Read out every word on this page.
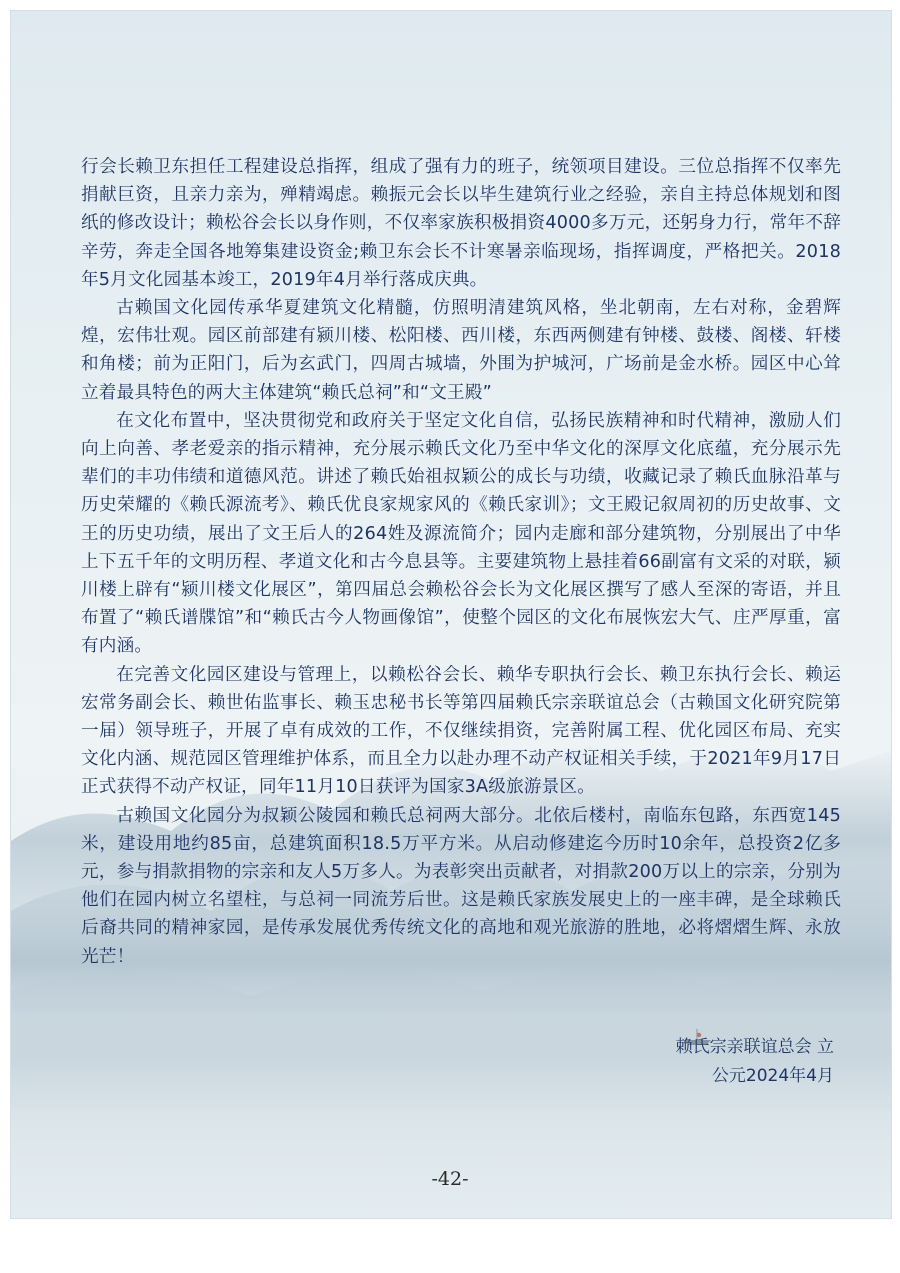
行会长赖卫东担任工程建设总指挥，组成了强有力的班子，统领项目建设。三位总指挥不仅率先捐献巨资，且亲力亲为，殚精竭虑。赖振元会长以毕生建筑行业之经验，亲自主持总体规划和图纸的修改设计；赖松谷会长以身作则，不仅率家族积极捐资4000多万元，还躬身力行，常年不辞辛劳，奔走全国各地筹集建设资金;赖卫东会长不计寒暑亲临现场，指挥调度，严格把关。2018年5月文化园基本竣工，2019年4月举行落成庆典。

古赖国文化园传承华夏建筑文化精髓，仿照明清建筑风格，坐北朝南，左右对称，金碧辉煌，宏伟壮观。园区前部建有颍川楼、松阳楼、西川楼，东西两侧建有钟楼、鼓楼、阁楼、轩楼和角楼；前为正阳门，后为玄武门，四周古城墙，外围为护城河，广场前是金水桥。园区中心耸立着最具特色的两大主体建筑“赖氏总祠”和“文王殿”

在文化布置中，坚决贯彻党和政府关于坚定文化自信，弘扬民族精神和时代精神，激励人们向上向善、孝老爱亲的指示精神，充分展示赖氏文化乃至中华文化的深厚文化底蕴，充分展示先辈们的丰功伟绩和道德风范。讲述了赖氏始祖叔颖公的成长与功绩，收藏记录了赖氏血脉沿革与历史荣耀的《赖氏源流考》、赖氏优良家规家风的《赖氏家训》；文王殿记叙周初的历史故事、文王的历史功绩，展出了文王后人的264姓及源流简介；园内走廊和部分建筑物，分别展出了中华上下五千年的文明历程、孝道文化和古今息县等。主要建筑物上悬挂着66副富有文采的对联，颍川楼上辟有“颍川楼文化展区”，第四届总会赖松谷会长为文化展区撰写了感人至深的寄语，并且布置了“赖氏谱牒馆”和“赖氏古今人物画像馆”，使整个园区的文化布展恢宏大气、庄严厚重，富有内涵。

在完善文化园区建设与管理上，以赖松谷会长、赖华专职执行会长、赖卫东执行会长、赖运宏常务副会长、赖世佑监事长、赖玉忠秘书长等第四届赖氏宗亲联谊总会（古赖国文化研究院第一届）领导班子，开展了卓有成效的工作，不仅继续捐资，完善附属工程、优化园区布局、充实文化内涵、规范园区管理维护体系，而且全力以赴办理不动产权证相关手续，于2021年9月17日正式获得不动产权证，同年11月10日获评为国家3A级旅游景区。

古赖国文化园分为叔颖公陵园和赖氏总祠两大部分。北依后楼村，南临东包路，东西宽145米，建设用地约85亩，总建筑面积18.5万平方米。从启动修建迄今历时10余年，总投资2亿多元，参与捐款捐物的宗亲和友人5万多人。为表彰突出贡献者，对捐款200万以上的宗亲，分别为他们在园内树立名望柱，与总祠一同流芳后世。这是赖氏家族发展史上的一座丰碑，是全球赖氏后裔共同的精神家园，是传承发展优秀传统文化的高地和观光旅游的胜地，必将熠熠生辉、永放光芒！

赖氏宗亲联谊总会 立
公元2024年4月
-42-
